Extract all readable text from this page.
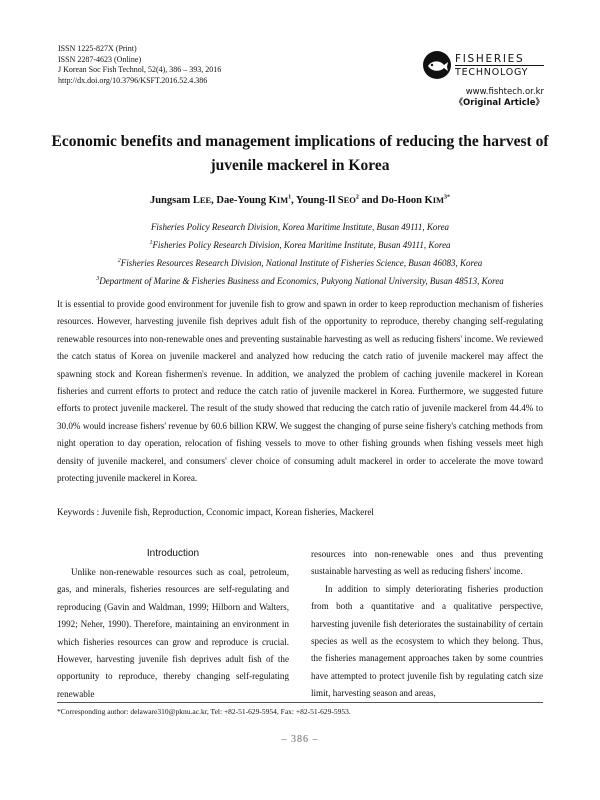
ISSN 1225-827X (Print)
ISSN 2287-4623 (Online)
J Korean Soc Fish Technol, 52(4), 386 – 393, 2016
http://dx.doi.org/10.3796/KSFT.2016.52.4.386
FISHERIES
TECHNOLOGY
www.fishtech.or.kr
《Original Article》
Economic benefits and management implications of reducing the harvest of juvenile mackerel in Korea
Jungsam LEE, Dae-Young KIM$^1$, Young-Il SEO$^2$ and Do-Hoon $KIM^{3*}$
Fisheries Policy Research Division, Korea Maritime Institute, Busan 49111, Korea
$^1$Fisheries Policy Research Division, Korea Maritime Institute, Busan 49111, Korea
$^2$Fisheries Resources Research Division, National Institute of Fisheries Science, Busan 46083, Korea
$^3$Department of Marine & Fisheries Business and Economics, Pukyong National University, Busan 48513, Korea
It is essential to provide good environment for juvenile fish to grow and spawn in order to keep reproduction mechanism of fisheries resources. However, harvesting juvenile fish deprives adult fish of the opportunity to reproduce, thereby changing self-regulating renewable resources into non-renewable ones and preventing sustainable harvesting as well as reducing fishers' income. We reviewed the catch status of Korea on juvenile mackerel and analyzed how reducing the catch ratio of juvenile mackerel may affect the spawning stock and Korean fishermen's revenue. In addition, we analyzed the problem of caching juvenile mackerel in Korean fisheries and current efforts to protect and reduce the catch ratio of juvenile mackerel in Korea. Furthermore, we suggested future efforts to protect juvenile mackerel. The result of the study showed that reducing the catch ratio of juvenile mackerel from 44.4% to 30.0% would increase fishers' revenue by 60.6 billion KRW. We suggest the changing of purse seine fishery's catching methods from night operation to day operation, relocation of fishing vessels to move to other fishing grounds when fishing vessels meet high density of juvenile mackerel, and consumers' clever choice of consuming adult mackerel in order to accelerate the move toward protecting juvenile mackerel in Korea.
Keywords : Juvenile fish, Reproduction, Cconomic impact, Korean fisheries, Mackerel
Introduction
Unlike non-renewable resources such as coal, petroleum, gas, and minerals, fisheries resources are self-regulating and reproducing (Gavin and Waldman, 1999; Hilborn and Walters, 1992; Neher, 1990). Therefore, maintaining an environment in which fisheries resources can grow and reproduce is crucial. However, harvesting juvenile fish deprives adult fish of the opportunity to reproduce, thereby changing self-regulating renewable

resources into non-renewable ones and thus preventing sustainable harvesting as well as reducing fishers' income.

In addition to simply deteriorating fisheries production from both a quantitative and a qualitative perspective, harvesting juvenile fish deteriorates the sustainability of certain species as well as the ecosystem to which they belong. Thus, the fisheries management approaches taken by some countries have attempted to protect juvenile fish by regulating catch size limit, harvesting season and areas,

*Corresponding author: delaware310@pknu.ac.kr, Tel: +82-51-629-5954, Fax: +82-51-629-5953.
– 386 –
